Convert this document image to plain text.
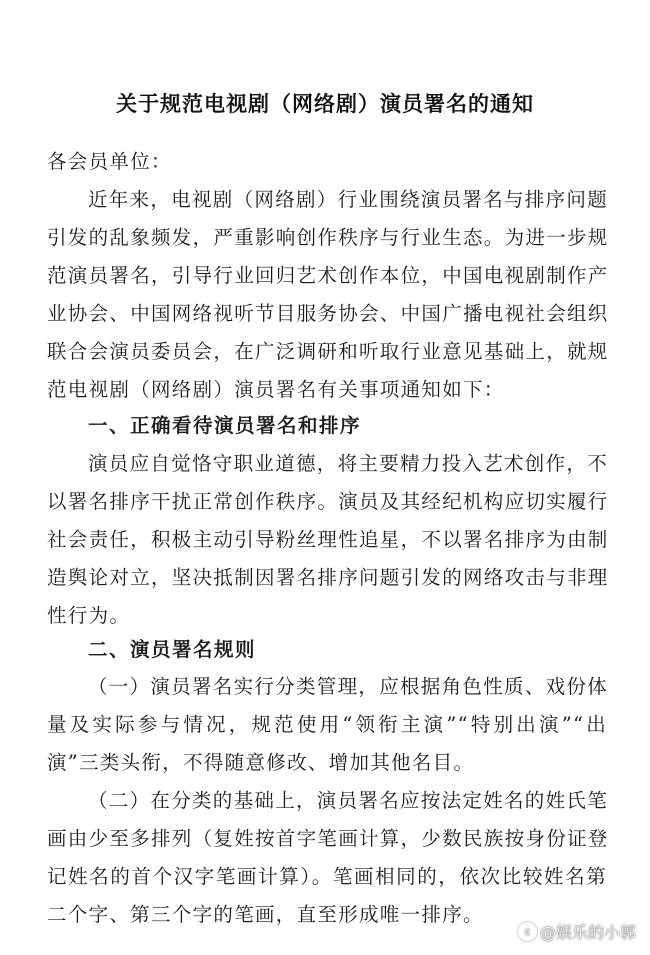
关于规范电视剧（网络剧）演员署名的通知
各会员单位：
近年来，电视剧（网络剧）行业围绕演员署名与排序问题
引发的乱象频发，严重影响创作秩序与行业生态。为进一步规
范演员署名，引导行业回归艺术创作本位，中国电视剧制作产
业协会、中国网络视听节目服务协会、中国广播电视社会组织
联合会演员委员会，在广泛调研和听取行业意见基础上，就规
范电视剧（网络剧）演员署名有关事项通知如下：
一、正确看待演员署名和排序
演员应自觉恪守职业道德，将主要精力投入艺术创作，不
以署名排序干扰正常创作秩序。演员及其经纪机构应切实履行
社会责任，积极主动引导粉丝理性追星，不以署名排序为由制
造舆论对立，坚决抵制因署名排序问题引发的网络攻击与非理
性行为。
二、演员署名规则
（一）演员署名实行分类管理，应根据角色性质、戏份体
量及实际参与情况，规范使用“领衔主演”“特别出演”“出
演”三类头衔，不得随意修改、增加其他名目。
（二）在分类的基础上，演员署名应按法定姓名的姓氏笔
画由少至多排列（复姓按首字笔画计算，少数民族按身份证登
记姓名的首个汉字笔画计算）。笔画相同的，依次比较姓名第
二个字、第三个字的笔画，直至形成唯一排序。
ε @娱乐的小郭
